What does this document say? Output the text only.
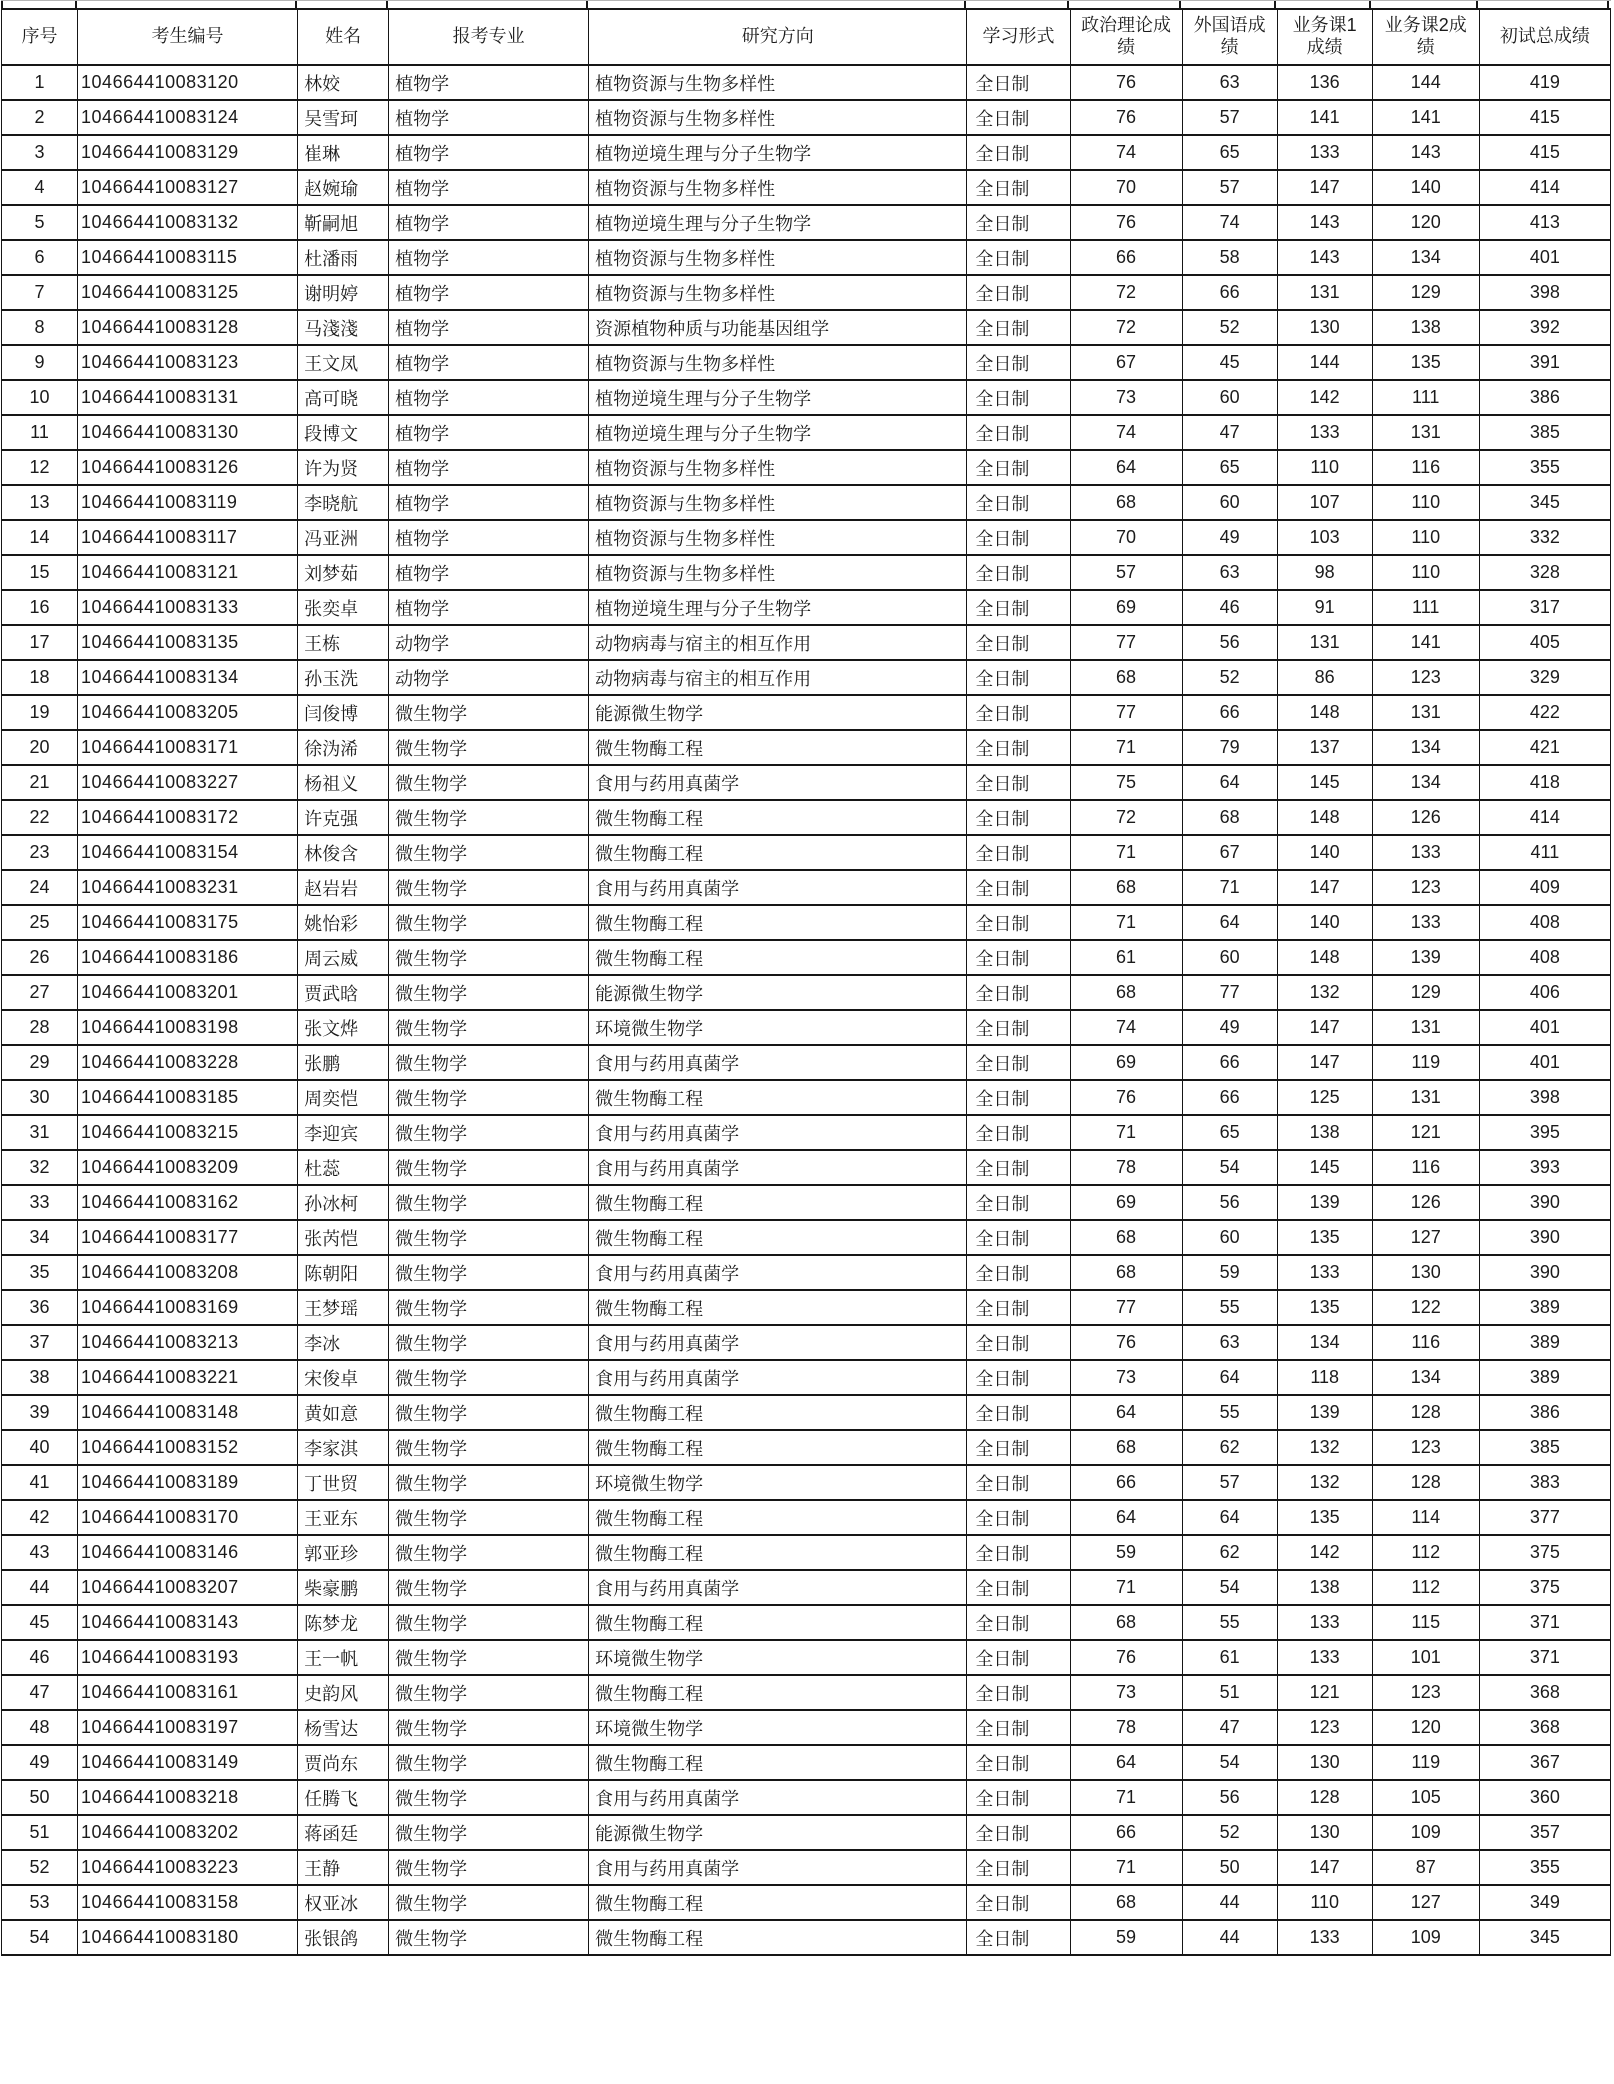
序号	考生编号	姓名	报考专业	研究方向	学习形式	政治理论成绩	外国语成绩	业务课1成绩	业务课2成绩	初试总成绩
1	104664410083120	林姣	植物学	植物资源与生物多样性	全日制	76	63	136	144	419
2	104664410083124	吴雪珂	植物学	植物资源与生物多样性	全日制	76	57	141	141	415
3	104664410083129	崔琳	植物学	植物逆境生理与分子生物学	全日制	74	65	133	143	415
4	104664410083127	赵婉瑜	植物学	植物资源与生物多样性	全日制	70	57	147	140	414
5	104664410083132	靳嗣旭	植物学	植物逆境生理与分子生物学	全日制	76	74	143	120	413
6	104664410083115	杜潘雨	植物学	植物资源与生物多样性	全日制	66	58	143	134	401
7	104664410083125	谢明婷	植物学	植物资源与生物多样性	全日制	72	66	131	129	398
8	104664410083128	马淺淺	植物学	资源植物种质与功能基因组学	全日制	72	52	130	138	392
9	104664410083123	王文凤	植物学	植物资源与生物多样性	全日制	67	45	144	135	391
10	104664410083131	高可晓	植物学	植物逆境生理与分子生物学	全日制	73	60	142	111	386
11	104664410083130	段博文	植物学	植物逆境生理与分子生物学	全日制	74	47	133	131	385
12	104664410083126	许为贤	植物学	植物资源与生物多样性	全日制	64	65	110	116	355
13	104664410083119	李晓航	植物学	植物资源与生物多样性	全日制	68	60	107	110	345
14	104664410083117	冯亚洲	植物学	植物资源与生物多样性	全日制	70	49	103	110	332
15	104664410083121	刘梦茹	植物学	植物资源与生物多样性	全日制	57	63	98	110	328
16	104664410083133	张奕卓	植物学	植物逆境生理与分子生物学	全日制	69	46	91	111	317
17	104664410083135	王栋	动物学	动物病毒与宿主的相互作用	全日制	77	56	131	141	405
18	104664410083134	孙玉洗	动物学	动物病毒与宿主的相互作用	全日制	68	52	86	123	329
19	104664410083205	闫俊博	微生物学	能源微生物学	全日制	77	66	148	131	422
20	104664410083171	徐沩浠	微生物学	微生物酶工程	全日制	71	79	137	134	421
21	104664410083227	杨祖义	微生物学	食用与药用真菌学	全日制	75	64	145	134	418
22	104664410083172	许克强	微生物学	微生物酶工程	全日制	72	68	148	126	414
23	104664410083154	林俊含	微生物学	微生物酶工程	全日制	71	67	140	133	411
24	104664410083231	赵岩岩	微生物学	食用与药用真菌学	全日制	68	71	147	123	409
25	104664410083175	姚怡彩	微生物学	微生物酶工程	全日制	71	64	140	133	408
26	104664410083186	周云威	微生物学	微生物酶工程	全日制	61	60	148	139	408
27	104664410083201	贾武晗	微生物学	能源微生物学	全日制	68	77	132	129	406
28	104664410083198	张文烨	微生物学	环境微生物学	全日制	74	49	147	131	401
29	104664410083228	张鹏	微生物学	食用与药用真菌学	全日制	69	66	147	119	401
30	104664410083185	周奕恺	微生物学	微生物酶工程	全日制	76	66	125	131	398
31	104664410083215	李迎宾	微生物学	食用与药用真菌学	全日制	71	65	138	121	395
32	104664410083209	杜蕊	微生物学	食用与药用真菌学	全日制	78	54	145	116	393
33	104664410083162	孙冰柯	微生物学	微生物酶工程	全日制	69	56	139	126	390
34	104664410083177	张芮恺	微生物学	微生物酶工程	全日制	68	60	135	127	390
35	104664410083208	陈朝阳	微生物学	食用与药用真菌学	全日制	68	59	133	130	390
36	104664410083169	王梦瑶	微生物学	微生物酶工程	全日制	77	55	135	122	389
37	104664410083213	李冰	微生物学	食用与药用真菌学	全日制	76	63	134	116	389
38	104664410083221	宋俊卓	微生物学	食用与药用真菌学	全日制	73	64	118	134	389
39	104664410083148	黄如意	微生物学	微生物酶工程	全日制	64	55	139	128	386
40	104664410083152	李家淇	微生物学	微生物酶工程	全日制	68	62	132	123	385
41	104664410083189	丁世贸	微生物学	环境微生物学	全日制	66	57	132	128	383
42	104664410083170	王亚东	微生物学	微生物酶工程	全日制	64	64	135	114	377
43	104664410083146	郭亚珍	微生物学	微生物酶工程	全日制	59	62	142	112	375
44	104664410083207	柴豪鹏	微生物学	食用与药用真菌学	全日制	71	54	138	112	375
45	104664410083143	陈梦龙	微生物学	微生物酶工程	全日制	68	55	133	115	371
46	104664410083193	王一帆	微生物学	环境微生物学	全日制	76	61	133	101	371
47	104664410083161	史韵风	微生物学	微生物酶工程	全日制	73	51	121	123	368
48	104664410083197	杨雪达	微生物学	环境微生物学	全日制	78	47	123	120	368
49	104664410083149	贾尚东	微生物学	微生物酶工程	全日制	64	54	130	119	367
50	104664410083218	任腾飞	微生物学	食用与药用真菌学	全日制	71	56	128	105	360
51	104664410083202	蒋函廷	微生物学	能源微生物学	全日制	66	52	130	109	357
52	104664410083223	王静	微生物学	食用与药用真菌学	全日制	71	50	147	87	355
53	104664410083158	权亚冰	微生物学	微生物酶工程	全日制	68	44	110	127	349
54	104664410083180	张银鸽	微生物学	微生物酶工程	全日制	59	44	133	109	345
